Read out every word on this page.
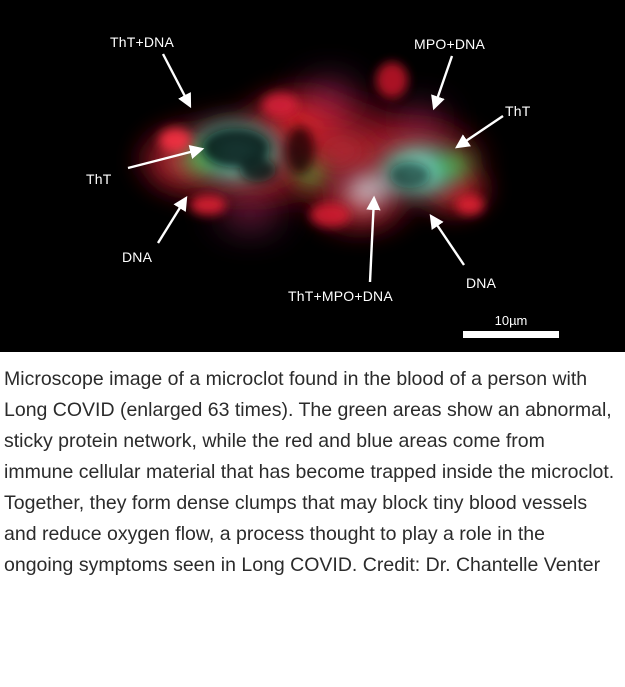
ThT+DNA	MPO+DNA
ThT
ThT
DNA
ThT+MPO+DNA
DNA
10µm
Microscope image of a microclot found in the blood of a person with Long COVID (enlarged 63 times). The green areas show an abnormal, sticky protein network, while the red and blue areas come from immune cellular material that has become trapped inside the microclot. Together, they form dense clumps that may block tiny blood vessels and reduce oxygen flow, a process thought to play a role in the ongoing symptoms seen in Long COVID. Credit: Dr. Chantelle Venter
